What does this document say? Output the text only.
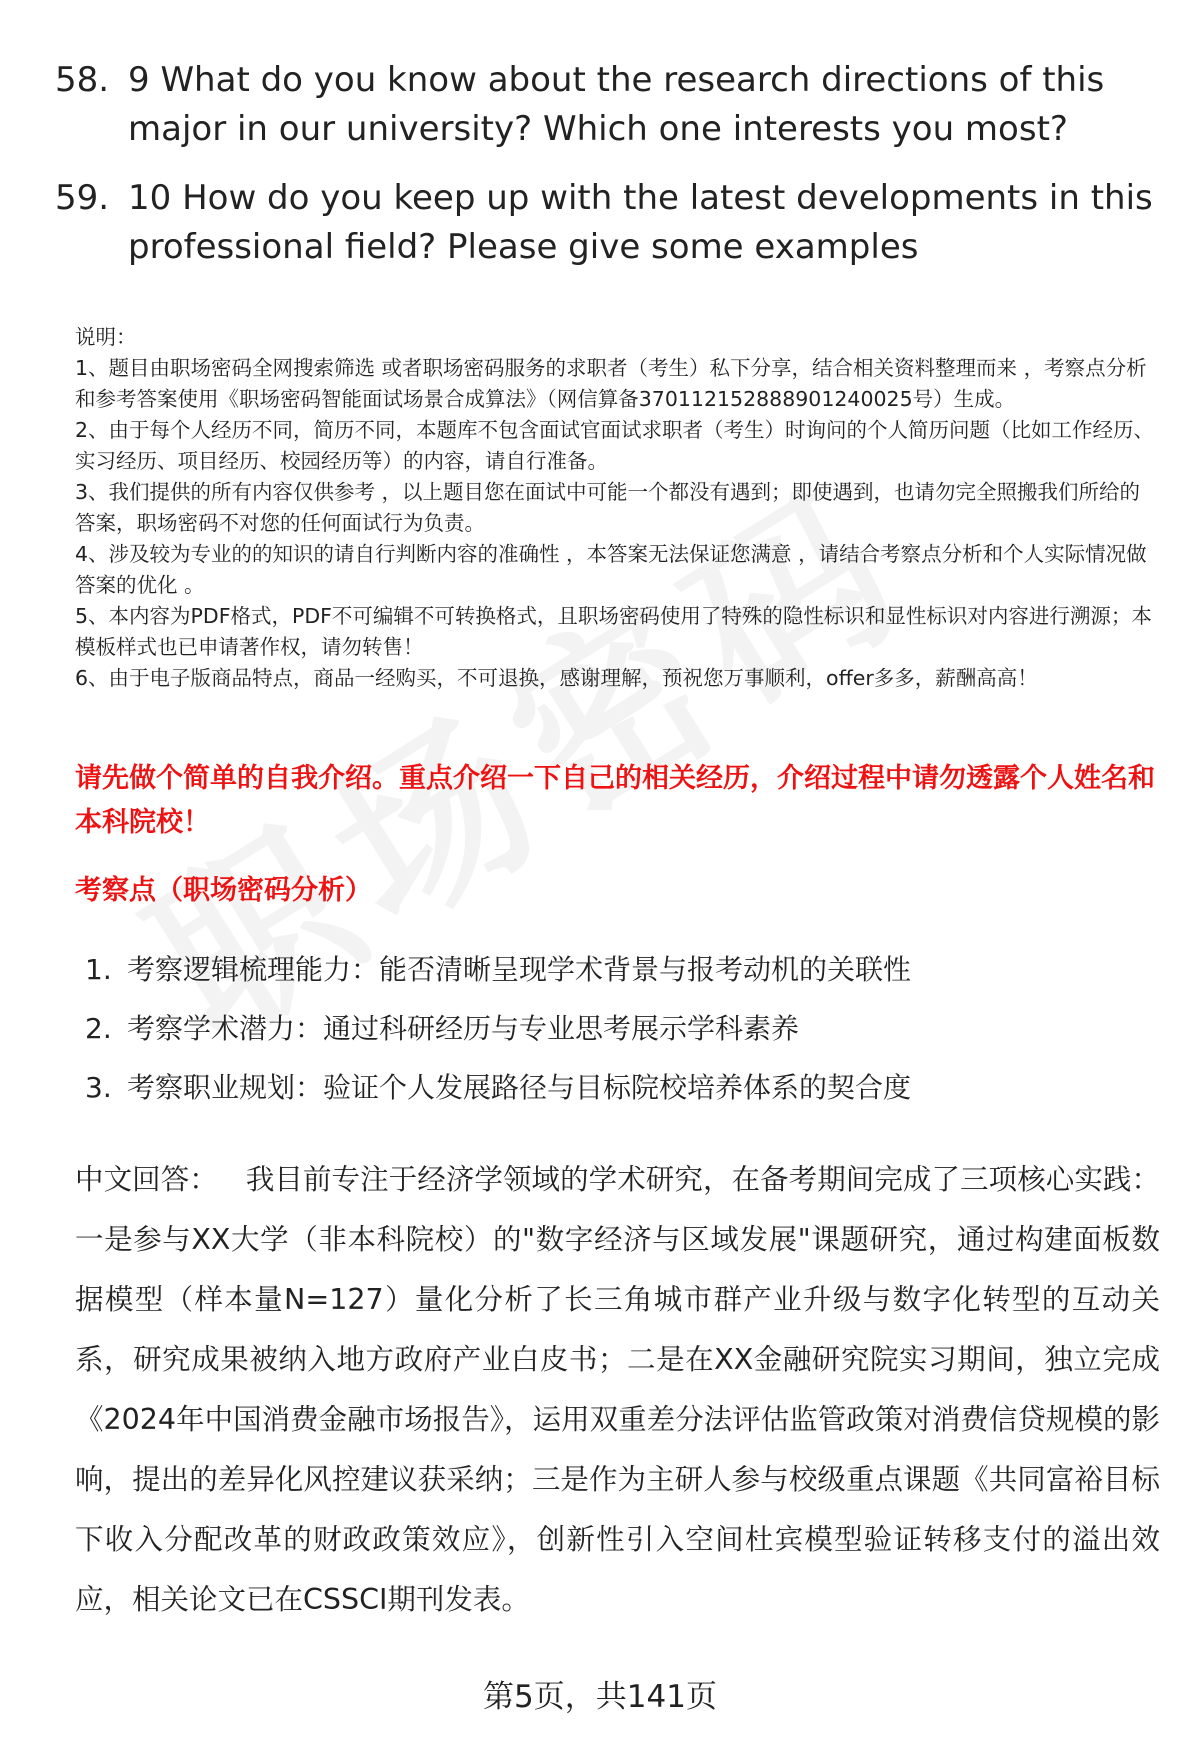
58. 9 What do you know about the research directions of this major in our university? Which one interests you most?
59. 10 How do you keep up with the latest developments in this professional field? Please give some examples

说明：

1、题目由职场密码全网搜索筛选 或者职场密码服务的求职者（考生）私下分享，结合相关资料整理而来 ，考察点分析和参考答案使用《职场密码智能面试场景合成算法》（网信算备370112152888901240025号）生成。

2、由于每个人经历不同，简历不同，本题库不包含面试官面试求职者（考生）时询问的个人简历问题（比如工作经历、实习经历、项目经历、校园经历等）的内容，请自行准备。

3、我们提供的所有内容仅供参考 ，以上题目您在面试中可能一个都没有遇到；即使遇到，也请勿完全照搬我们所给的答案，职场密码不对您的任何面试行为负责。

4、涉及较为专业的的知识的请自行判断内容的准确性 ，本答案无法保证您满意 ，请结合考察点分析和个人实际情况做答案的优化 。

5、本内容为PDF格式，PDF不可编辑不可转换格式，且职场密码使用了特殊的隐性标识和显性标识对内容进行溯源；本模板样式也已申请著作权，请勿转售！

6、由于电子版商品特点，商品一经购买，不可退换，感谢理解，预祝您万事顺利，offer多多，薪酬高高！

请先做个简单的自我介绍。重点介绍一下自己的相关经历，介绍过程中请勿透露个人姓名和本科院校！
考察点（职场密码分析）
1. 考察逻辑梳理能力：能否清晰呈现学术背景与报考动机的关联性
2. 考察学术潜力：通过科研经历与专业思考展示学科素养
3. 考察职业规划：验证个人发展路径与目标院校培养体系的契合度
中文回答： 我目前专注于经济学领域的学术研究，在备考期间完成了三项核心实践：一是参与XX大学（非本科院校）的"数字经济与区域发展"课题研究，通过构建面板数据模型（样本量N=127）量化分析了长三角城市群产业升级与数字化转型的互动关系，研究成果被纳入地方政府产业白皮书；二是在XX金融研究院实习期间，独立完成《2024年中国消费金融市场报告》，运用双重差分法评估监管政策对消费信贷规模的影响，提出的差异化风控建议获采纳；三是作为主研人参与校级重点课题《共同富裕目标下收入分配改革的财政政策效应》，创新性引入空间杜宾模型验证转移支付的溢出效应，相关论文已在CSSCI期刊发表。
第5页，共141页
